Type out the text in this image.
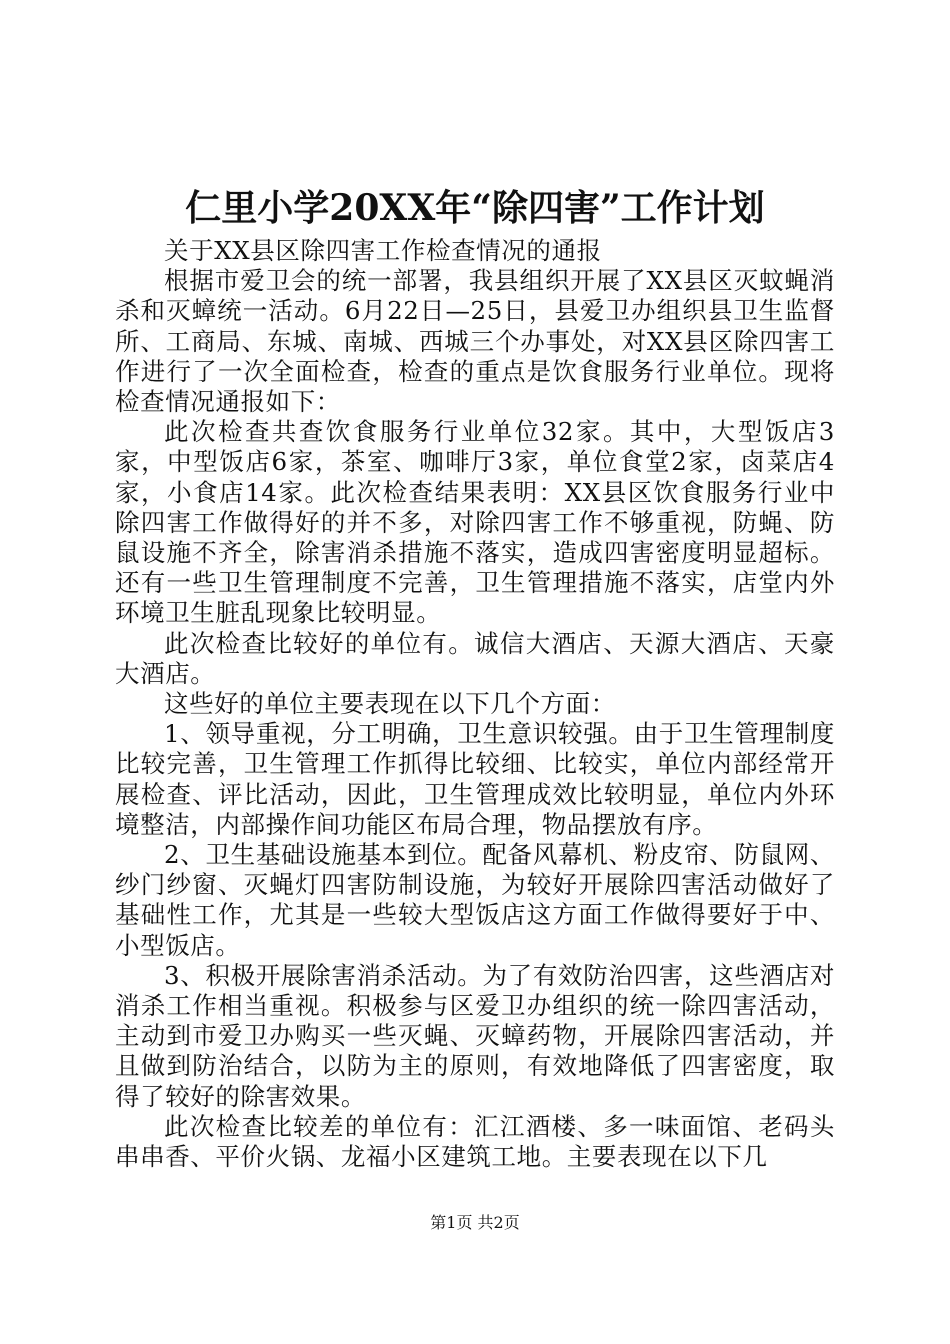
仁里小学20XX年“除四害”工作计划

关于XX县区除四害工作检查情况的通报

根据市爱卫会的统一部署，我县组织开展了XX县区灭蚊蝇消杀和灭蟑统一活动。6月22日—25日，县爱卫办组织县卫生监督所、工商局、东城、南城、西城三个办事处，对XX县区除四害工作进行了一次全面检查，检查的重点是饮食服务行业单位。现将检查情况通报如下：

此次检查共查饮食服务行业单位32家。其中，大型饭店3家，中型饭店6家，茶室、咖啡厅3家，单位食堂2家，卤菜店4家，小食店14家。此次检查结果表明：XX县区饮食服务行业中除四害工作做得好的并不多，对除四害工作不够重视，防蝇、防鼠设施不齐全，除害消杀措施不落实，造成四害密度明显超标。还有一些卫生管理制度不完善，卫生管理措施不落实，店堂内外环境卫生脏乱现象比较明显。

此次检查比较好的单位有。诚信大酒店、天源大酒店、天豪大酒店。

这些好的单位主要表现在以下几个方面：

1、领导重视，分工明确，卫生意识较强。由于卫生管理制度比较完善，卫生管理工作抓得比较细、比较实，单位内部经常开展检查、评比活动，因此，卫生管理成效比较明显，单位内外环境整洁，内部操作间功能区布局合理，物品摆放有序。

2、卫生基础设施基本到位。配备风幕机、粉皮帘、防鼠网、纱门纱窗、灭蝇灯四害防制设施，为较好开展除四害活动做好了基础性工作，尤其是一些较大型饭店这方面工作做得要好于中、小型饭店。

3、积极开展除害消杀活动。为了有效防治四害，这些酒店对消杀工作相当重视。积极参与区爱卫办组织的统一除四害活动，主动到市爱卫办购买一些灭蝇、灭蟑药物，开展除四害活动，并且做到防治结合，以防为主的原则，有效地降低了四害密度，取得了较好的除害效果。

此次检查比较差的单位有：汇江酒楼、多一味面馆、老码头串串香、平价火锅、龙福小区建筑工地。主要表现在以下几

第1页 共2页
